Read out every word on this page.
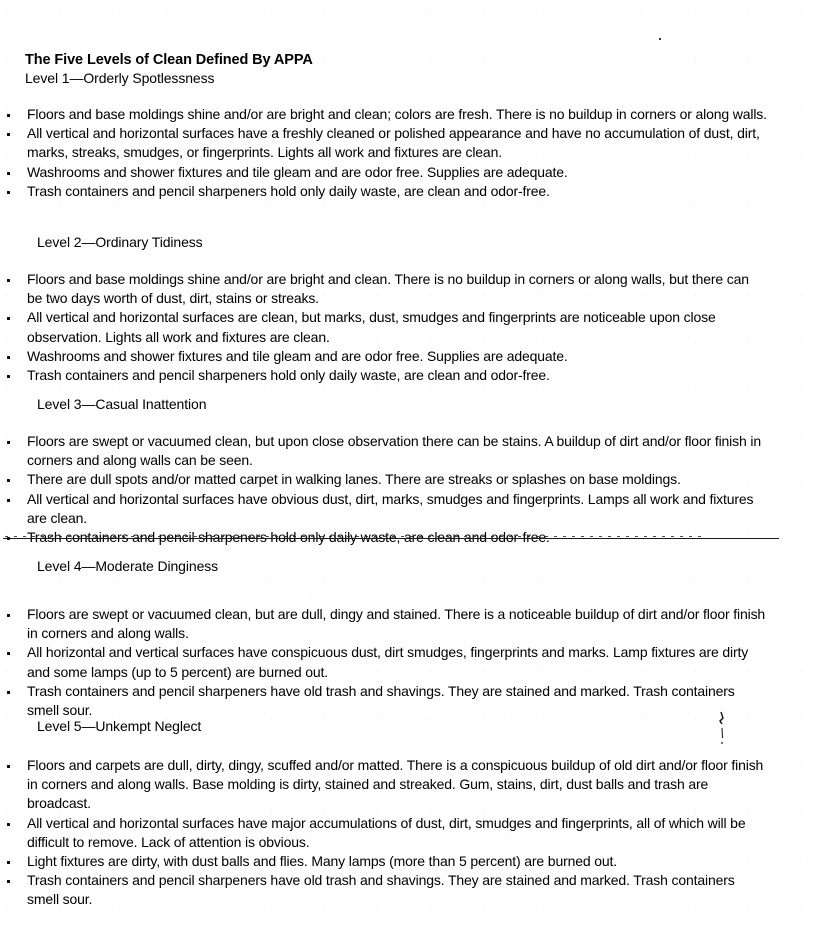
The Five Levels of Clean Defined By APPA
Level 1—Orderly Spotlessness
Floors and base moldings shine and/or are bright and clean; colors are fresh. There is no buildup in corners or along walls.
All vertical and horizontal surfaces have a freshly cleaned or polished appearance and have no accumulation of dust, dirt, marks, streaks, smudges, or fingerprints. Lights all work and fixtures are clean.
Washrooms and shower fixtures and tile gleam and are odor free. Supplies are adequate.
Trash containers and pencil sharpeners hold only daily waste, are clean and odor-free.
Level 2—Ordinary Tidiness
Floors and base moldings shine and/or are bright and clean. There is no buildup in corners or along walls, but there can be two days worth of dust, dirt, stains or streaks.
All vertical and horizontal surfaces are clean, but marks, dust, smudges and fingerprints are noticeable upon close observation. Lights all work and fixtures are clean.
Washrooms and shower fixtures and tile gleam and are odor free. Supplies are adequate.
Trash containers and pencil sharpeners hold only daily waste, are clean and odor-free.
Level 3—Casual Inattention
Floors are swept or vacuumed clean, but upon close observation there can be stains. A buildup of dirt and/or floor finish in corners and along walls can be seen.
There are dull spots and/or matted carpet in walking lanes. There are streaks or splashes on base moldings.
All vertical and horizontal surfaces have obvious dust, dirt, marks, smudges and fingerprints. Lamps all work and fixtures are clean.
Level 4—Moderate Dinginess
Floors are swept or vacuumed clean, but are dull, dingy and stained. There is a noticeable buildup of dirt and/or floor finish in corners and along walls.
All horizontal and vertical surfaces have conspicuous dust, dirt smudges, fingerprints and marks. Lamp fixtures are dirty and some lamps (up to 5 percent) are burned out.
Trash containers and pencil sharpeners have old trash and shavings. They are stained and marked. Trash containers smell sour.
Level 5—Unkempt Neglect
Floors and carpets are dull, dirty, dingy, scuffed and/or matted. There is a conspicuous buildup of old dirt and/or floor finish in corners and along walls. Base molding is dirty, stained and streaked. Gum, stains, dirt, dust balls and trash are broadcast.
All vertical and horizontal surfaces have major accumulations of dust, dirt, smudges and fingerprints, all of which will be difficult to remove. Lack of attention is obvious.
Light fixtures are dirty, with dust balls and flies. Many lamps (more than 5 percent) are burned out.
Trash containers and pencil sharpeners have old trash and shavings. They are stained and marked. Trash containers smell sour.
